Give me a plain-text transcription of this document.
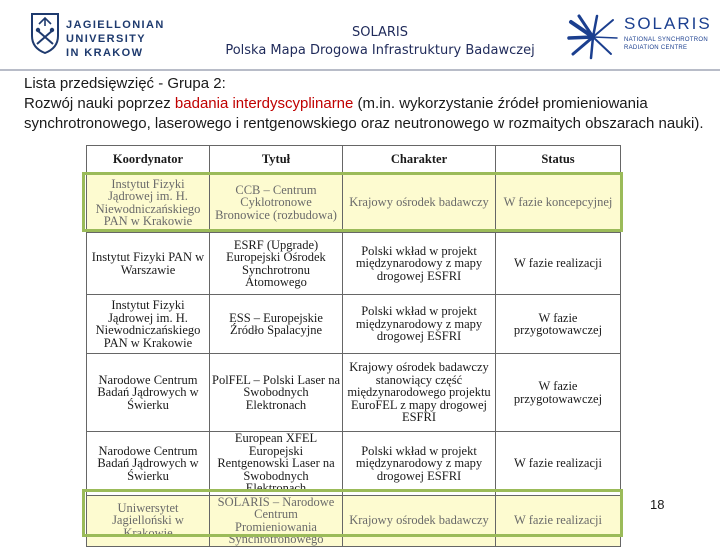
JAGIELLONIAN UNIVERSITY
IN KRAKOW
SOLARIS
Polska Mapa Drogowa Infrastruktury Badawczej
SOLARIS
NATIONAL SYNCHROTRON
RADIATION CENTRE
Lista przedsięwzięć - Grupa 2:
Rozwój nauki poprzez badania interdyscyplinarne (m.in. wykorzystanie źródeł promieniowania synchrotronowego, laserowego i rentgenowskiego oraz neutronowego w rozmaitych obszarach nauki).
Koordynator	Tytuł	Charakter	Status
Instytut Fizyki Jądrowej im. H. Niewodniczańskiego PAN w Krakowie	CCB – Centrum Cyklotronowe Bronowice (rozbudowa)	Krajowy ośrodek badawczy	W fazie koncepcyjnej
Instytut Fizyki PAN w Warszawie	ESRF (Upgrade) Europejski Ośrodek Synchrotronu Atomowego	Polski wkład w projekt międzynarodowy z mapy drogowej ESFRI	W fazie realizacji
Instytut Fizyki Jądrowej im. H. Niewodniczańskiego PAN w Krakowie	ESS – Europejskie Źródło Spalacyjne	Polski wkład w projekt międzynarodowy z mapy drogowej ESFRI	W fazie przygotowawczej
Narodowe Centrum Badań Jądrowych w Świerku	PolFEL – Polski Laser na Swobodnych Elektronach	Krajowy ośrodek badawczy stanowiący część międzynarodowego projektu EuroFEL z mapy drogowej ESFRI	W fazie przygotowawczej
Narodowe Centrum Badań Jądrowych w Świerku	European XFEL Europejski Rentgenowski Laser na Swobodnych Elektronach	Polski wkład w projekt międzynarodowy z mapy drogowej ESFRI	W fazie realizacji
Uniwersytet Jagielloński w Krakowie	SOLARIS – Narodowe Centrum Promieniowania Synchrotronowego	Krajowy ośrodek badawczy	W fazie realizacji
18
